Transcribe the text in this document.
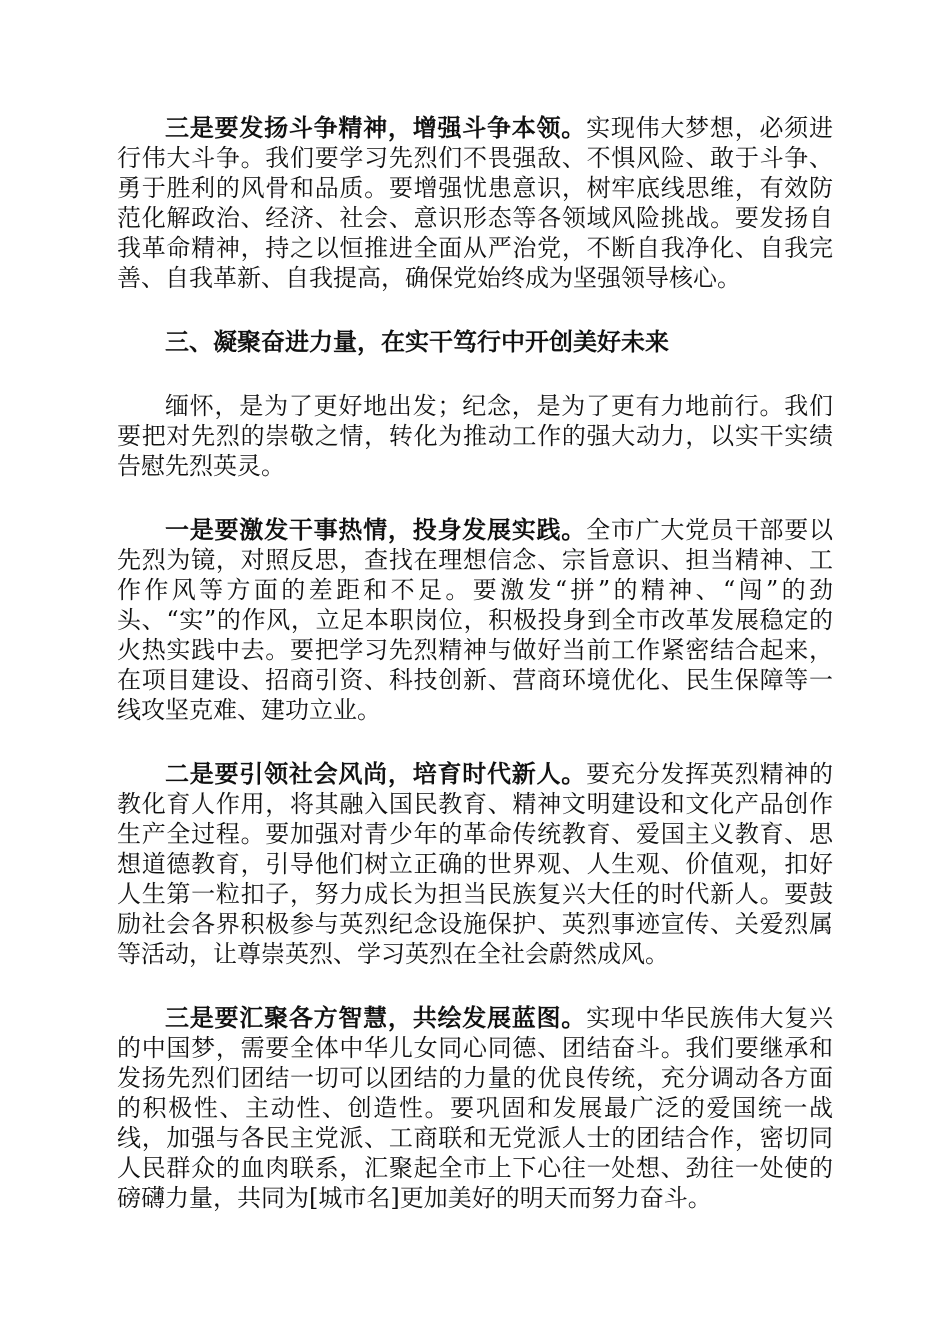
三是要发扬斗争精神，增强斗争本领。实现伟大梦想，必须进行伟大斗争。我们要学习先烈们不畏强敌、不惧风险、敢于斗争、勇于胜利的风骨和品质。要增强忧患意识，树牢底线思维，有效防范化解政治、经济、社会、意识形态等各领域风险挑战。要发扬自我革命精神，持之以恒推进全面从严治党，不断自我净化、自我完善、自我革新、自我提高，确保党始终成为坚强领导核心。

三、凝聚奋进力量，在实干笃行中开创美好未来

缅怀，是为了更好地出发；纪念，是为了更有力地前行。我们要把对先烈的崇敬之情，转化为推动工作的强大动力，以实干实绩告慰先烈英灵。

一是要激发干事热情，投身发展实践。全市广大党员干部要以先烈为镜，对照反思，查找在理想信念、宗旨意识、担当精神、工作作风等方面的差距和不足。要激发“拼”的精神、“闯”的劲头、“实”的作风，立足本职岗位，积极投身到全市改革发展稳定的火热实践中去。要把学习先烈精神与做好当前工作紧密结合起来，在项目建设、招商引资、科技创新、营商环境优化、民生保障等一线攻坚克难、建功立业。

二是要引领社会风尚，培育时代新人。要充分发挥英烈精神的教化育人作用，将其融入国民教育、精神文明建设和文化产品创作生产全过程。要加强对青少年的革命传统教育、爱国主义教育、思想道德教育，引导他们树立正确的世界观、人生观、价值观，扣好人生第一粒扣子，努力成长为担当民族复兴大任的时代新人。要鼓励社会各界积极参与英烈纪念设施保护、英烈事迹宣传、关爱烈属等活动，让尊崇英烈、学习英烈在全社会蔚然成风。

三是要汇聚各方智慧，共绘发展蓝图。实现中华民族伟大复兴的中国梦，需要全体中华儿女同心同德、团结奋斗。我们要继承和发扬先烈们团结一切可以团结的力量的优良传统，充分调动各方面的积极性、主动性、创造性。要巩固和发展最广泛的爱国统一战线，加强与各民主党派、工商联和无党派人士的团结合作，密切同人民群众的血肉联系，汇聚起全市上下心往一处想、劲往一处使的磅礴力量，共同为[城市名]更加美好的明天而努力奋斗。
